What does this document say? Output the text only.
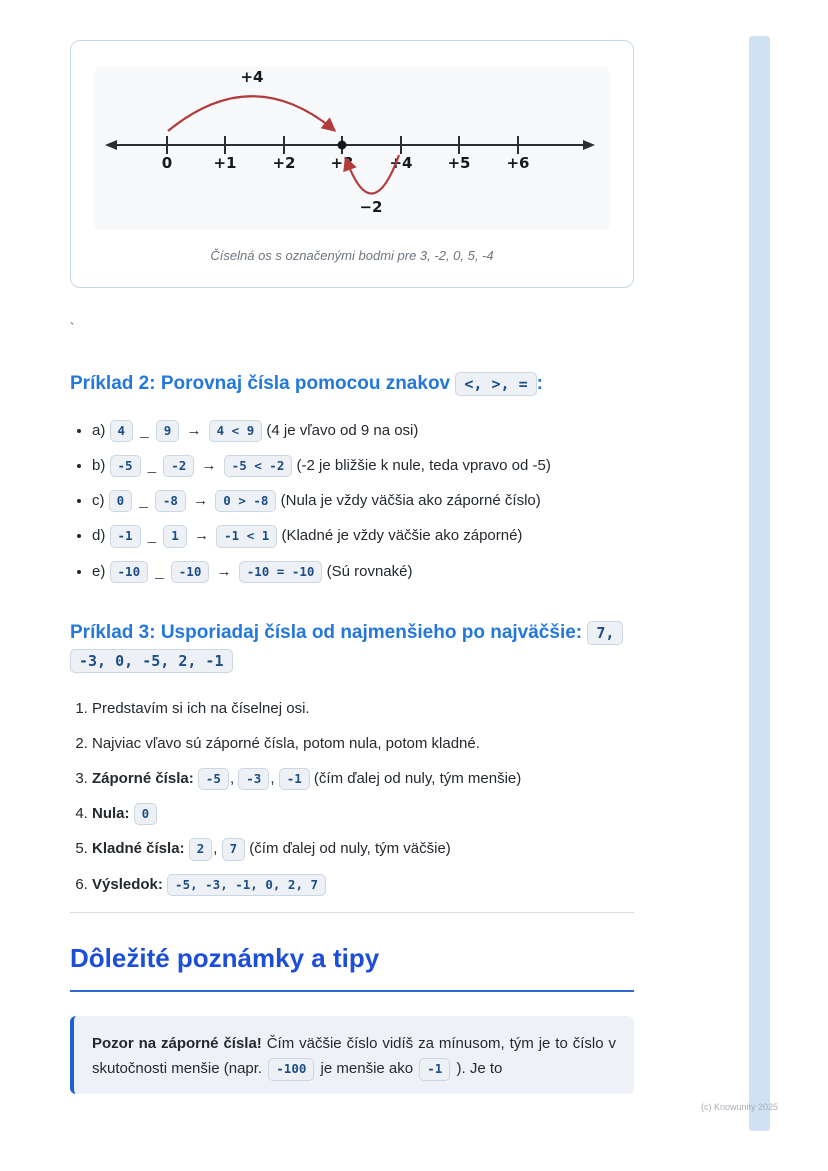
0	+1 +2 +3 +4 +5 +6
+4
−2
Číselná os s označenými bodmi pre 3, -2, 0, 5, -4

`

Príklad 2: Porovnaj čísla pomocou znakov <, >, = :
• a) 4 _ 9 → 4 < 9 (4 je vľavo od 9 na osi)
• b) -5 _ -2 → -5 < -2 (-2 je bližšie k nule, teda vpravo od -5)
• c) 0 _ -8 → 0 > -8 (Nula je vždy väčšia ako záporné číslo)
• d) -1 _ 1 → -1 < 1 (Kladné je vždy väčšie ako záporné)
• e) -10 _ -10 → -10 = -10 (Sú rovnaké)
Príklad 3: Usporiadaj čísla od najmenšieho po najväčšie: 7, -3, 0, -5, 2, -1
1. Predstavím si ich na číselnej osi.
2. Najviac vľavo sú záporné čísla, potom nula, potom kladné.
3. Záporné čísla: -5 , -3 , -1 (čím ďalej od nuly, tým menšie)
4. Nula: 0
5. Kladné čísla: 2 , 7 (čím ďalej od nuly, tým väčšie)
6. Výsledok: -5, -3, -1, 0, 2, 7
Dôležité poznámky a tipy

Pozor na záporné čísla! Čím väčšie číslo vidíš za mínusom, tým je to číslo v skutočnosti menšie (napr. -100 je menšie ako -1 ). Je to

(c) Knowunity 2025
